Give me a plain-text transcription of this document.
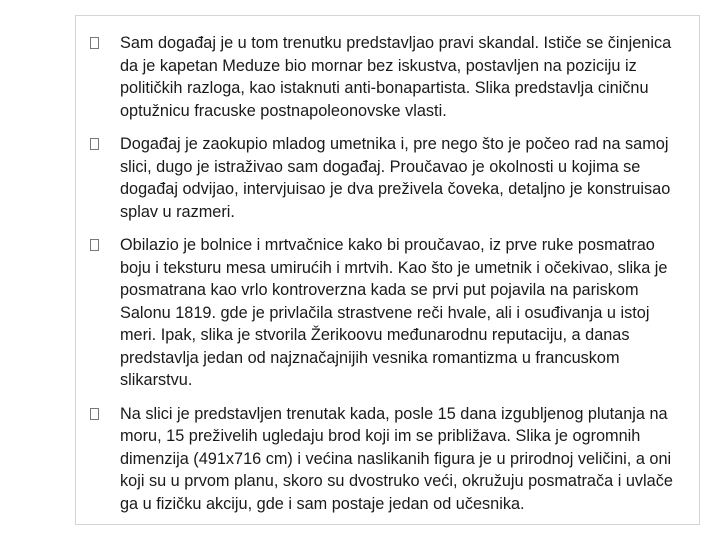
Sam događaj je u tom trenutku predstavljao pravi skandal. Ističe se činjenica da je kapetan Meduze bio mornar bez iskustva, postavljen na poziciju iz političkih razloga, kao istaknuti anti-bonapartista. Slika predstavlja ciničnu optužnicu fracuske postnapoleonovske vlasti.
Događaj je zaokupio mladog umetnika i, pre nego što je počeo rad na samoj slici, dugo je istraživao sam događaj. Proučavao je okolnosti u kojima se događaj odvijao, intervjuisao je dva preživela čoveka, detaljno je konstruisao splav u razmeri.
Obilazio je bolnice i mrtvačnice kako bi proučavao, iz prve ruke posmatrao boju i teksturu mesa umirućih i mrtvih. Kao što je umetnik i očekivao, slika je posmatrana kao vrlo kontroverzna kada se prvi put pojavila na pariskom Salonu 1819. gde je privlačila strastvene reči hvale, ali i osuđivanja u istoj meri. Ipak, slika je stvorila Žerikoovu međunarodnu reputaciju, a danas predstavlja jedan od najznačajnijih vesnika romantizma u francuskom slikarstvu.
Na slici je predstavljen trenutak kada, posle 15 dana izgubljenog plutanja na moru, 15 preživelih ugledaju brod koji im se približava. Slika je ogromnih dimenzija (491x716 cm) i većina naslikanih figura je u prirodnoj veličini, a oni koji su u prvom planu, skoro su dvostruko veći, okružuju posmatrača i uvlače ga u fizičku akciju, gde i sam postaje jedan od učesnika.
